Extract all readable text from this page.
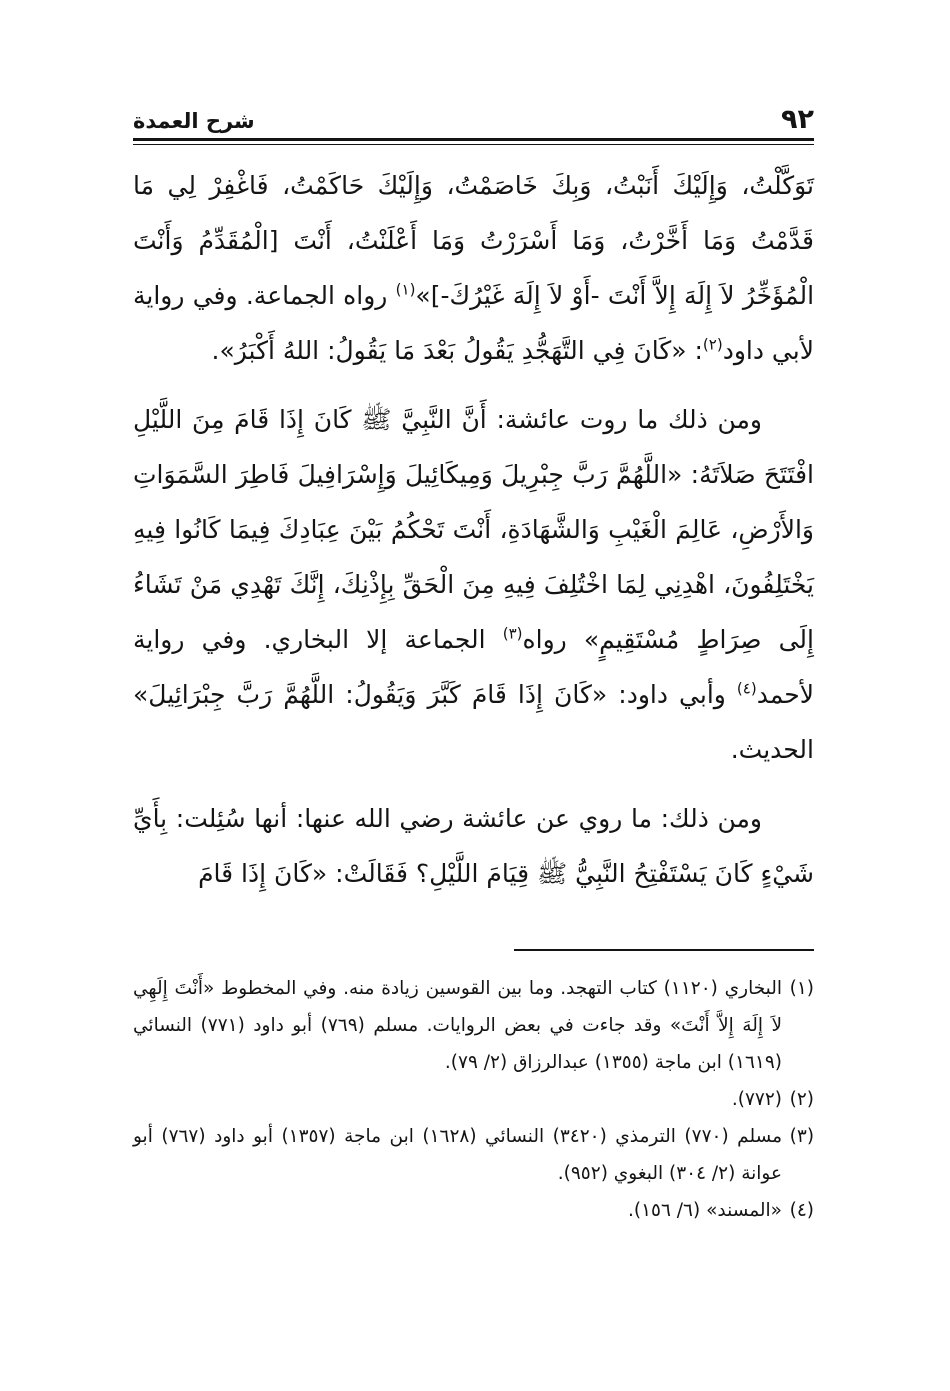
٩٢
شرح العمدة

تَوَكَّلْتُ، وَإِلَيْكَ أَنَبْتُ، وَبِكَ خَاصَمْتُ، وَإِلَيْكَ حَاكَمْتُ، فَاغْفِرْ لِي مَا قَدَّمْتُ وَمَا أَخَّرْتُ، وَمَا أَسْرَرْتُ وَمَا أَعْلَنْتُ، أَنْتَ [الْمُقَدِّمُ وَأَنْتَ الْمُؤَخِّرُ لاَ إِلَهَ إِلاَّ أَنْتَ -أَوْ لاَ إِلَهَ غَيْرُكَ-]»$^{(١)}$ رواه الجماعة. وفي رواية لأبي داود$^{(٢)}$: «كَانَ فِي التَّهَجُّدِ يَقُولُ بَعْدَ مَا يَقُولُ: اللهُ أَكْبَرُ».

ومن ذلك ما روت عائشة: أَنَّ النَّبِيَّ ﷺ كَانَ إِذَا قَامَ مِنَ اللَّيْلِ افْتَتَحَ صَلاَتَهُ: «اللَّهُمَّ رَبَّ جِبْرِيلَ وَمِيكَائِيلَ وَإِسْرَافِيلَ فَاطِرَ السَّمَوَاتِ وَالأَرْضِ، عَالِمَ الْغَيْبِ وَالشَّهَادَةِ، أَنْتَ تَحْكُمُ بَيْنَ عِبَادِكَ فِيمَا كَانُوا فِيهِ يَخْتَلِفُونَ، اهْدِنِي لِمَا اخْتُلِفَ فِيهِ مِنَ الْحَقِّ بِإِذْنِكَ، إِنَّكَ تَهْدِي مَنْ تَشَاءُ إِلَى صِرَاطٍ مُسْتَقِيمٍ» رواه$^{(٣)}$ الجماعة إلا البخاري. وفي رواية لأحمد$^{(٤)}$ وأبي داود: «كَانَ إِذَا قَامَ كَبَّرَ وَيَقُولُ: اللَّهُمَّ رَبَّ جِبْرَائِيلَ» الحديث.

ومن ذلك: ما روي عن عائشة رضي الله عنها: أنها سُئِلت: بِأَيِّ شَيْءٍ كَانَ يَسْتَفْتِحُ النَّبِيُّ ﷺ قِيَامَ اللَّيْلِ؟ فَقَالَتْ: «كَانَ إِذَا قَامَ

(١)البخاري (١١٢٠) كتاب التهجد. وما بين القوسين زيادة منه. وفي المخطوط «أَنْتَ إِلَهِي لاَ إِلَهَ إِلاَّ أَنْتَ» وقد جاءت في بعض الروايات. مسلم (٧٦٩) أبو داود (٧٧١) النسائي (١٦١٩) ابن ماجة (١٣٥٥) عبدالرزاق (٢/ ٧٩).

(٢)(٧٧٢).

(٣)مسلم (٧٧٠) الترمذي (٣٤٢٠) النسائي (١٦٢٨) ابن ماجة (١٣٥٧) أبو داود (٧٦٧) أبو عوانة (٢/ ٣٠٤) البغوي (٩٥٢).

(٤)«المسند» (٦/ ١٥٦).
